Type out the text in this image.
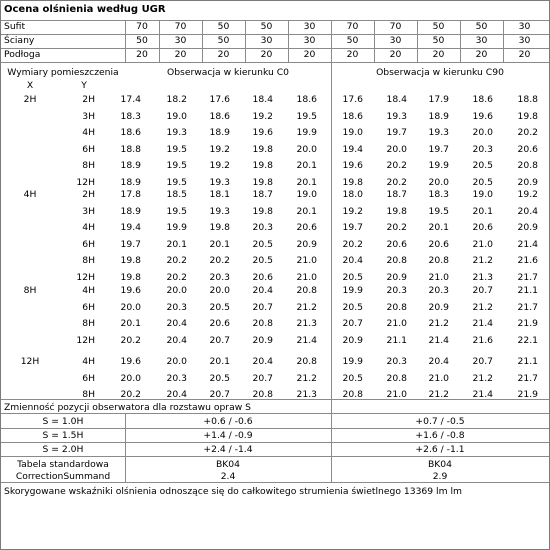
Ocena olśnienia według UGR
Sufit	70	70	50	50	30	70	70	50	50	30
Ściany	50	30	50	30	30	50	30	50	30	30
Podłoga	20	20	20	20	20	20	20	20	20	20
Wymiary pomieszczenia
X	Y
Obserwacja w kierunku C0	Obserwacja w kierunku C90
2H	2H	17.4	18.2	17.6	18.4	18.6	17.6	18.4	17.9	18.6	18.8
3H	18.3	19.0	18.6	19.2	19.5	18.6	19.3	18.9	19.6	19.8
4H	18.6	19.3	18.9	19.6	19.9	19.0	19.7	19.3	20.0	20.2
6H	18.8	19.5	19.2	19.8	20.0	19.4	20.0	19.7	20.3	20.6
8H	18.9	19.5	19.2	19.8	20.1	19.6	20.2	19.9	20.5	20.8
12H	18.9	19.5	19.3	19.8	20.1	19.8	20.2	20.0	20.5	20.9
4H	2H	17.8	18.5	18.1	18.7	19.0	18.0	18.7	18.3	19.0	19.2
3H	18.9	19.5	19.3	19.8	20.1	19.2	19.8	19.5	20.1	20.4
4H	19.4	19.9	19.8	20.3	20.6	19.7	20.2	20.1	20.6	20.9
6H	19.7	20.1	20.1	20.5	20.9	20.2	20.6	20.6	21.0	21.4
8H	19.8	20.2	20.2	20.5	21.0	20.4	20.8	20.8	21.2	21.6
12H	19.8	20.2	20.3	20.6	21.0	20.5	20.9	21.0	21.3	21.7
8H	4H	19.6	20.0	20.0	20.4	20.8	19.9	20.3	20.3	20.7	21.1
6H	20.0	20.3	20.5	20.7	21.2	20.5	20.8	20.9	21.2	21.7
8H	20.1	20.4	20.6	20.8	21.3	20.7	21.0	21.2	21.4	21.9
12H	20.2	20.4	20.7	20.9	21.4	20.9	21.1	21.4	21.6	22.1
12H	4H	19.6	20.0	20.1	20.4	20.8	19.9	20.3	20.4	20.7	21.1
6H	20.0	20.3	20.5	20.7	21.2	20.5	20.8	21.0	21.2	21.7
8H	20.2	20.4	20.7	20.8	21.3	20.8	21.0	21.2	21.4	21.9
Zmienność pozycji obserwatora dla rozstawu opraw S
S = 1.0H	+0.6 / -0.6	+0.7 / -0.5
S = 1.5H	+1.4 / -0.9	+1.6 / -0.8
S = 2.0H	+2.4 / -1.4	+2.6 / -1.1
Tabela standardowa	BK04	BK04
CorrectionSummand	2.4	2.9
Skorygowane wskaźniki olśnienia odnoszące się do całkowitego strumienia świetlnego 13369 lm lm
